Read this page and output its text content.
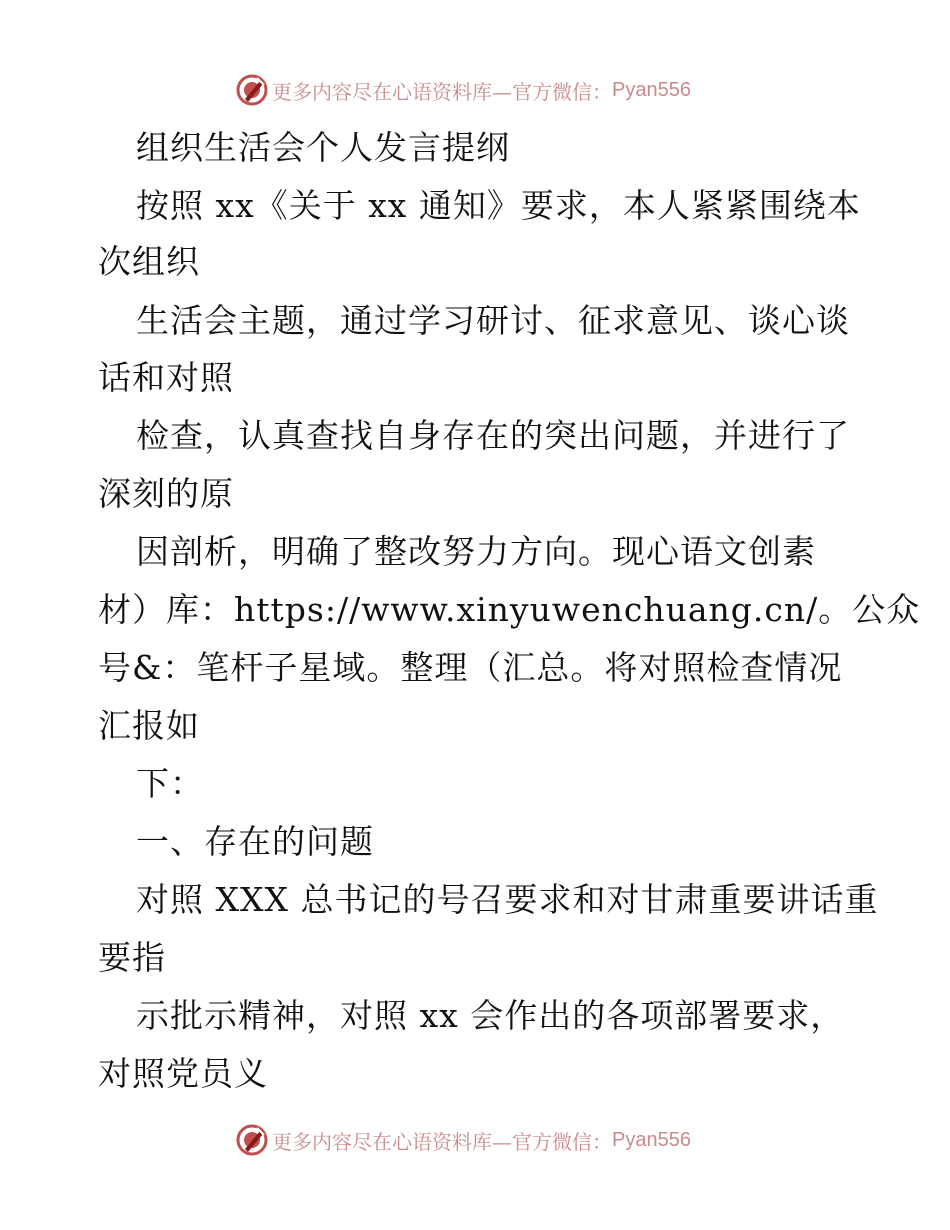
更多内容尽在心语资料库—官方微信： Pyan556
组织生活会个人发言提纲
按照 xx《关于 xx 通知》要求，本人紧紧围绕本
次组织
生活会主题，通过学习研讨、征求意见、谈心谈
话和对照
检查，认真查找自身存在的突出问题，并进行了
深刻的原
因剖析，明确了整改努力方向。现心语文创素
材）库：https://www.xinyuwenchuang.cn/。公众
号&：笔杆子星域。整理（汇总。将对照检查情况
汇报如
下：
一、存在的问题
对照 XXX 总书记的号召要求和对甘肃重要讲话重
要指
示批示精神，对照 xx 会作出的各项部署要求，
对照党员义
更多内容尽在心语资料库—官方微信： Pyan556
